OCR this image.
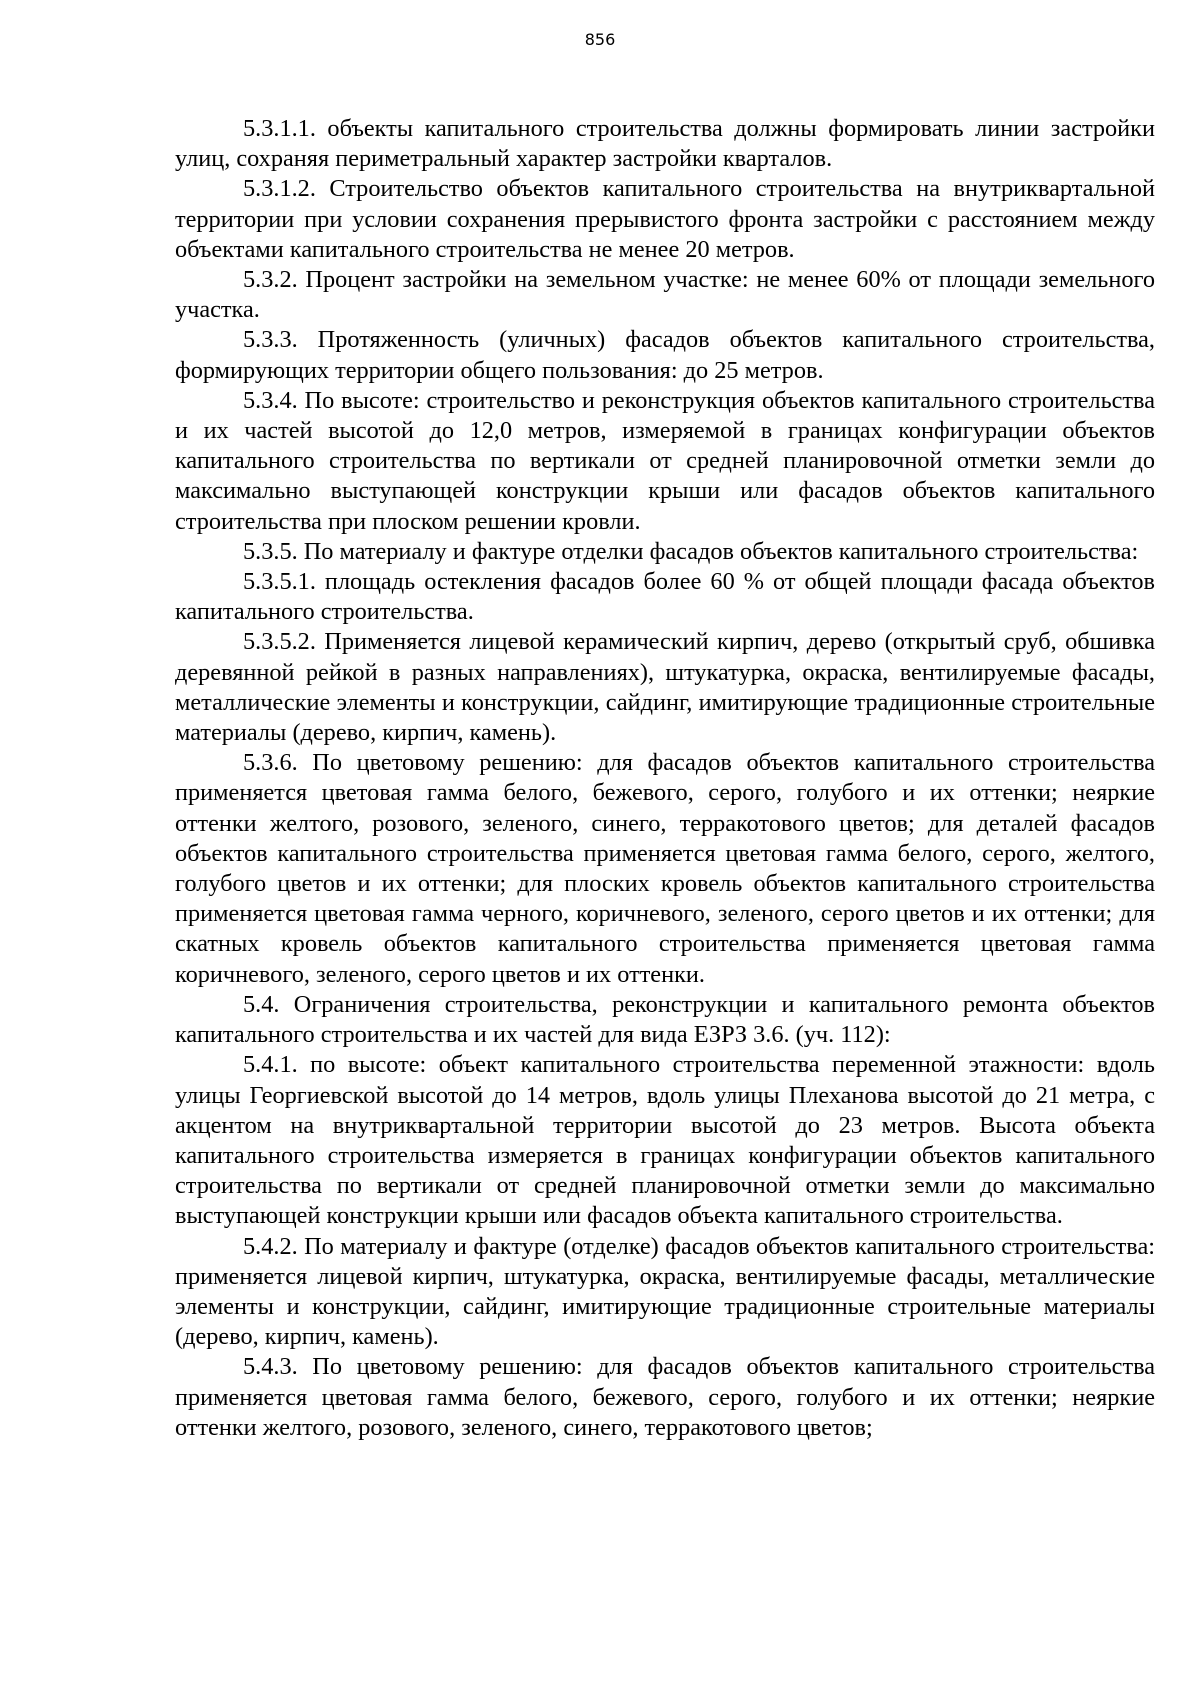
856

5.3.1.1. объекты капитального строительства должны формировать линии застройки улиц, сохраняя периметральный характер застройки кварталов.

5.3.1.2. Строительство объектов капитального строительства на внутриквартальной территории при условии сохранения прерывистого фронта застройки с расстоянием между объектами капитального строительства не менее 20 метров.

5.3.2. Процент застройки на земельном участке: не менее 60% от площади земельного участка.

5.3.3. Протяженность (уличных) фасадов объектов капитального строительства, формирующих территории общего пользования: до 25 метров.

5.3.4. По высоте: строительство и реконструкция объектов капитального строительства и их частей высотой до 12,0 метров, измеряемой в границах конфигурации объектов капитального строительства по вертикали от средней планировочной отметки земли до максимально выступающей конструкции крыши или фасадов объектов капитального строительства при плоском решении кровли.

5.3.5. По материалу и фактуре отделки фасадов объектов капитального строительства:

5.3.5.1. площадь остекления фасадов более 60 % от общей площади фасада объектов капитального строительства.

5.3.5.2. Применяется лицевой керамический кирпич, дерево (открытый сруб, обшивка деревянной рейкой в разных направлениях), штукатурка, окраска, вентилируемые фасады, металлические элементы и конструкции, сайдинг, имитирующие традиционные строительные материалы (дерево, кирпич, камень).

5.3.6. По цветовому решению: для фасадов объектов капитального строительства применяется цветовая гамма белого, бежевого, серого, голубого и их оттенки; неяркие оттенки желтого, розового, зеленого, синего, терракотового цветов; для деталей фасадов объектов капитального строительства применяется цветовая гамма белого, серого, желтого, голубого цветов и их оттенки; для плоских кровель объектов капитального строительства применяется цветовая гамма черного, коричневого, зеленого, серого цветов и их оттенки; для скатных кровель объектов капитального строительства применяется цветовая гамма коричневого, зеленого, серого цветов и их оттенки.

5.4. Ограничения строительства, реконструкции и капитального ремонта объектов капитального строительства и их частей для вида ЕЗРЗ 3.6. (уч. 112):

5.4.1. по высоте: объект капитального строительства переменной этажности: вдоль улицы Георгиевской высотой до 14 метров, вдоль улицы Плеханова высотой до 21 метра, с акцентом на внутриквартальной территории высотой до 23 метров. Высота объекта капитального строительства измеряется в границах конфигурации объектов капитального строительства по вертикали от средней планировочной отметки земли до максимально выступающей конструкции крыши или фасадов объекта капитального строительства.

5.4.2. По материалу и фактуре (отделке) фасадов объектов капитального строительства: применяется лицевой кирпич, штукатурка, окраска, вентилируемые фасады, металлические элементы и конструкции, сайдинг, имитирующие традиционные строительные материалы (дерево, кирпич, камень).

5.4.3. По цветовому решению: для фасадов объектов капитального строительства применяется цветовая гамма белого, бежевого, серого, голубого и их оттенки; неяркие оттенки желтого, розового, зеленого, синего, терракотового цветов;
